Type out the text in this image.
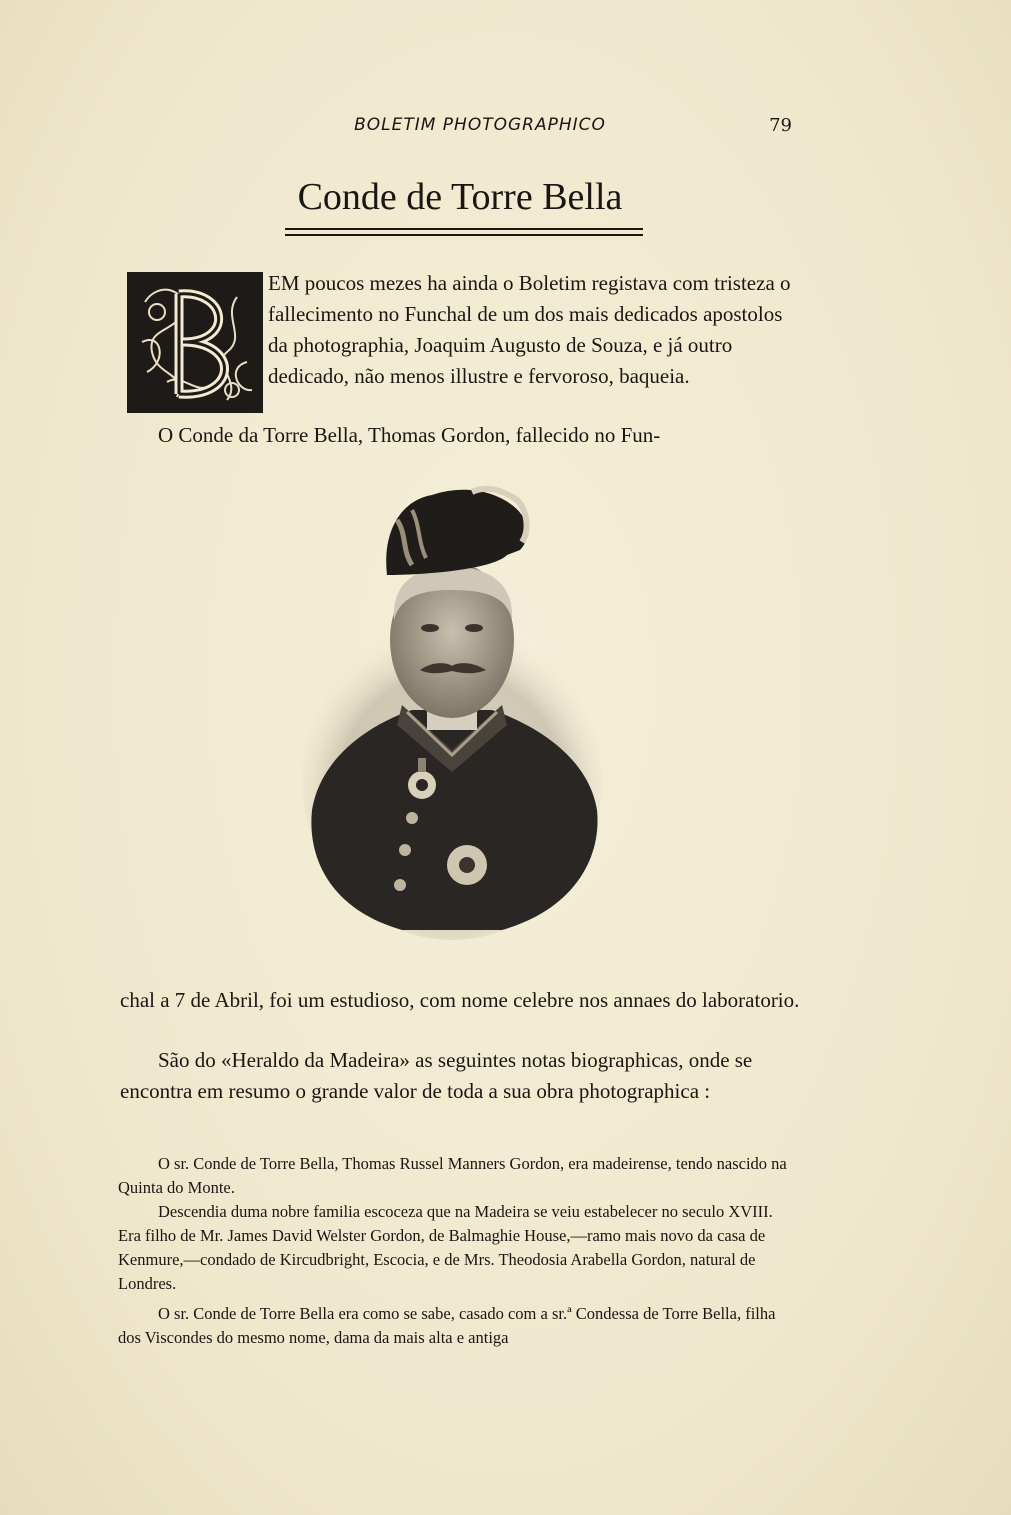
BOLETIM PHOTOGRAPHICO	79
Conde de Torre Bella
EM poucos mezes ha ainda o Boletim registava com tristeza o fallecimento no Funchal de um dos mais dedicados apostolos da photographia, Joaquim Augusto de Souza, e já outro dedicado, não menos illustre e fervoroso, baqueia.
O Conde da Torre Bella, Thomas Gordon, fallecido no Fun-
chal a 7 de Abril, foi um estudioso, com nome celebre nos annaes do laboratorio.
São do «Heraldo da Madeira» as seguintes notas biographicas, onde se encontra em resumo o grande valor de toda a sua obra photographica :
O sr. Conde de Torre Bella, Thomas Russel Manners Gordon, era madeirense, tendo nascido na Quinta do Monte.
Descendia duma nobre familia escoceza que na Madeira se veiu estabelecer no seculo XVIII. Era filho de Mr. James David Welster Gordon, de Balmaghie House,—ramo mais novo da casa de Kenmure,—condado de Kircudbright, Escocia, e de Mrs. Theodosia Arabella Gordon, natural de Londres.
O sr. Conde de Torre Bella era como se sabe, casado com a sr.ª Condessa de Torre Bella, filha dos Viscondes do mesmo nome, dama da mais alta e antiga
